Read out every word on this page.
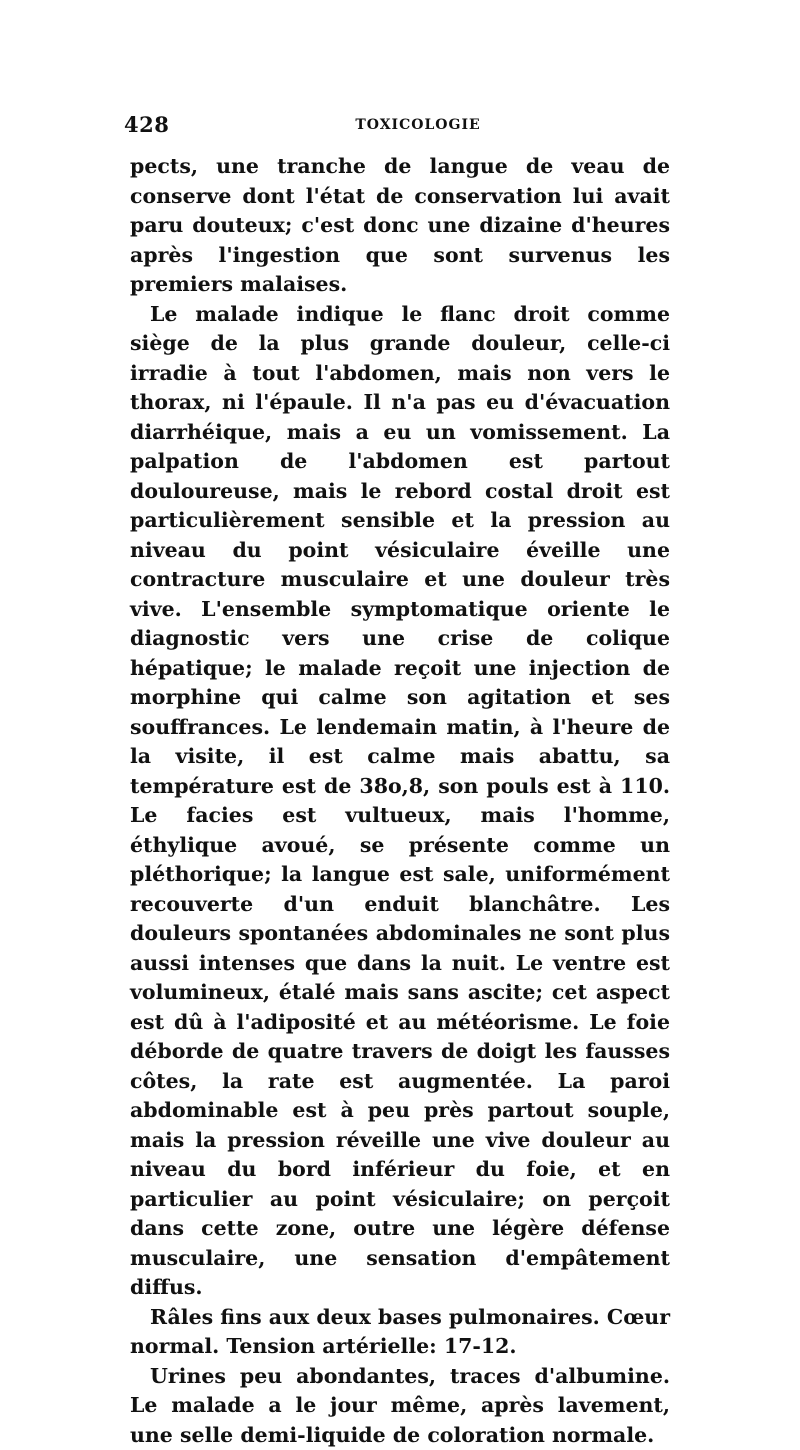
428	TOXICOLOGIE

pects, une tranche de langue de veau de conserve dont l'état de conservation lui avait paru douteux; c'est donc une dizaine d'heures après l'ingestion que sont survenus les premiers malaises.

Le malade indique le flanc droit comme siège de la plus grande douleur, celle-ci irradie à tout l'abdomen, mais non vers le thorax, ni l'épaule. Il n'a pas eu d'évacuation diarrhéique, mais a eu un vomissement. La palpation de l'abdomen est partout douloureuse, mais le rebord costal droit est particulièrement sensible et la pression au niveau du point vésiculaire éveille une contracture musculaire et une douleur très vive. L'ensemble symptomatique oriente le diagnostic vers une crise de colique hépatique; le malade reçoit une injection de morphine qui calme son agitation et ses souffrances. Le lendemain matin, à l'heure de la visite, il est calme mais abattu, sa température est de 38o,8, son pouls est à 110. Le facies est vultueux, mais l'homme, éthylique avoué, se présente comme un pléthorique; la langue est sale, uniformément recouverte d'un enduit blanchâtre. Les douleurs spontanées abdominales ne sont plus aussi intenses que dans la nuit. Le ventre est volumineux, étalé mais sans ascite; cet aspect est dû à l'adiposité et au météorisme. Le foie déborde de quatre travers de doigt les fausses côtes, la rate est augmentée. La paroi abdominable est à peu près partout souple, mais la pression réveille une vive douleur au niveau du bord inférieur du foie, et en particulier au point vésiculaire; on perçoit dans cette zone, outre une légère défense musculaire, une sensation d'empâtement diffus.

Râles fins aux deux bases pulmonaires. Cœur normal. Tension artérielle: 17-12.

Urines peu abondantes, traces d'albumine. Le malade a le jour même, après lavement, une selle demi-liquide de coloration normale.
